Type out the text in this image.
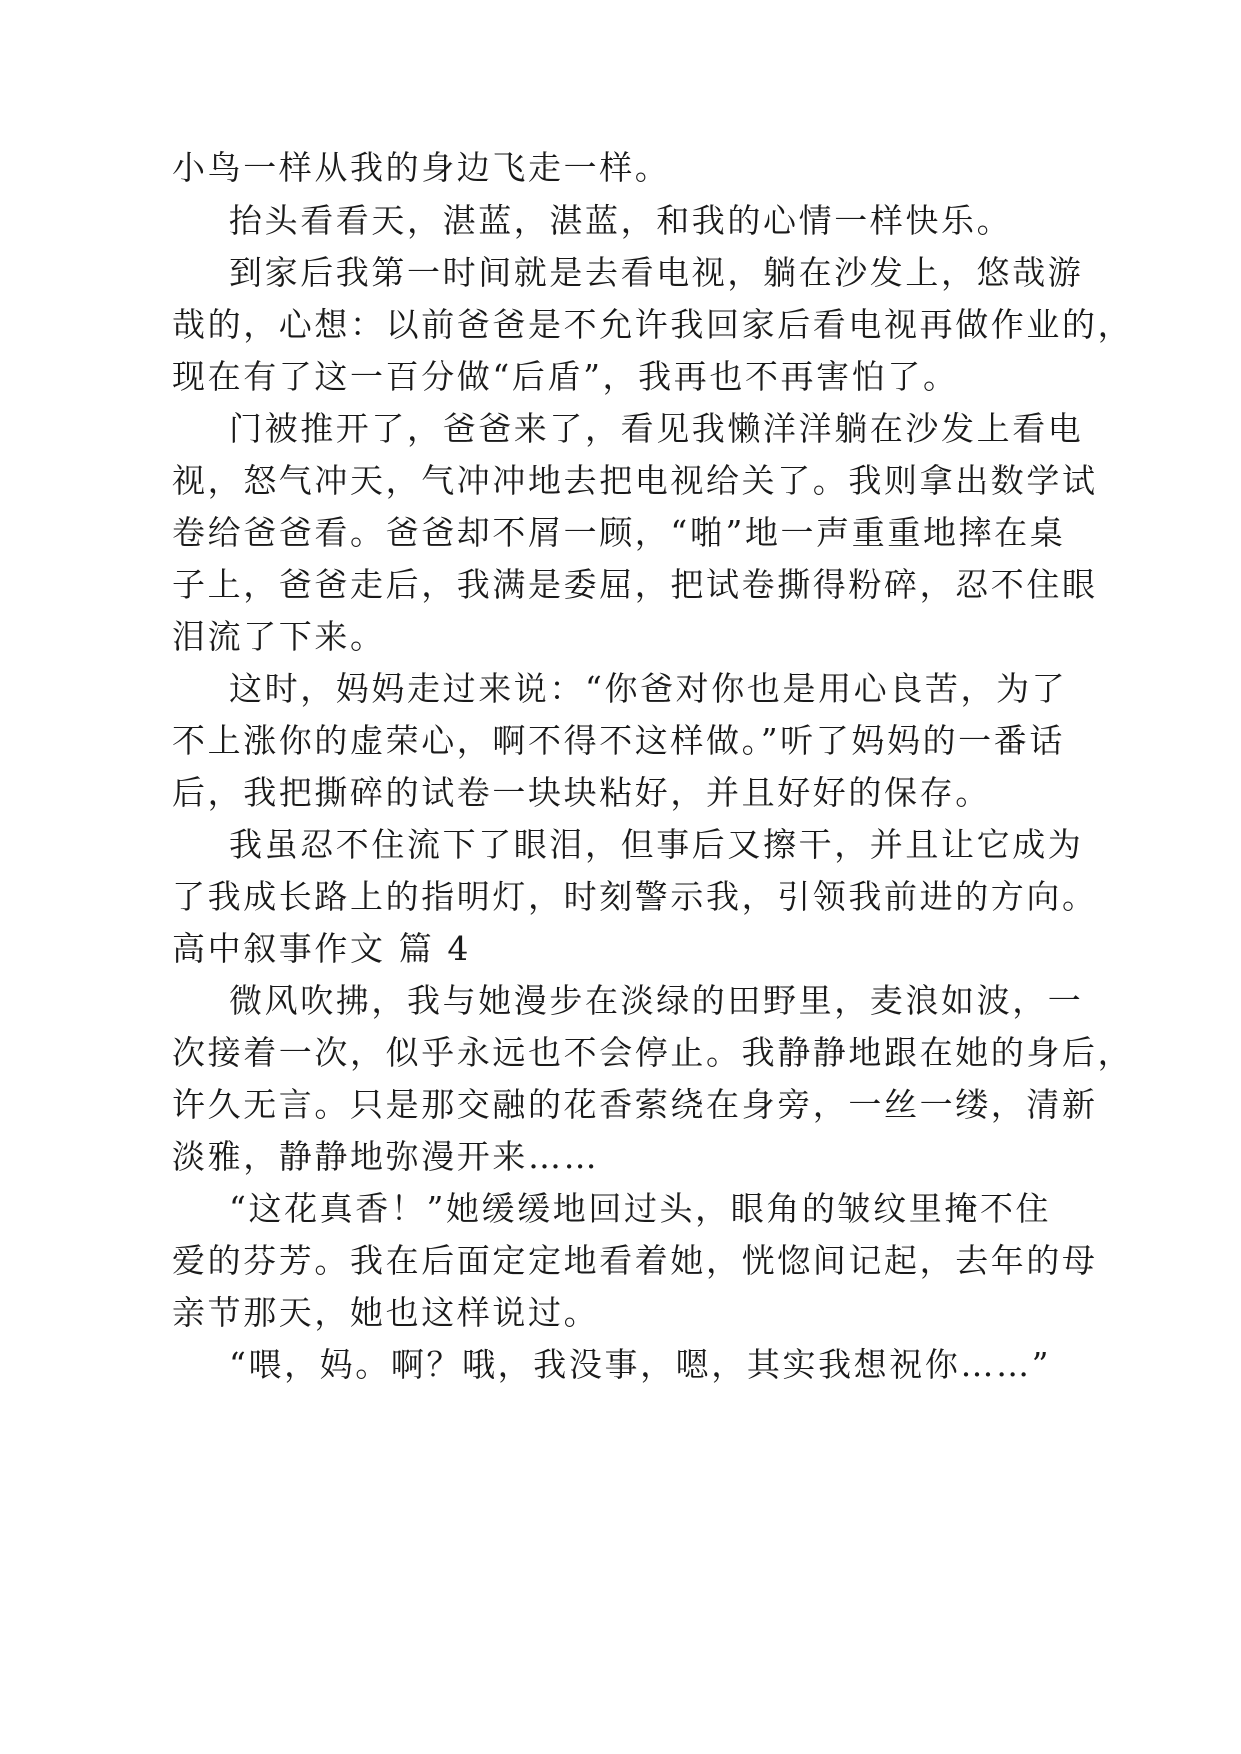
小鸟一样从我的身边飞走一样。
抬头看看天，湛蓝，湛蓝，和我的心情一样快乐。
到家后我第一时间就是去看电视，躺在沙发上，悠哉游
哉的，心想：以前爸爸是不允许我回家后看电视再做作业的，
现在有了这一百分做“后盾”，我再也不再害怕了。
门被推开了，爸爸来了，看见我懒洋洋躺在沙发上看电
视，怒气冲天，气冲冲地去把电视给关了。我则拿出数学试
卷给爸爸看。爸爸却不屑一顾，“啪”地一声重重地摔在桌
子上，爸爸走后，我满是委屈，把试卷撕得粉碎，忍不住眼
泪流了下来。
这时，妈妈走过来说：“你爸对你也是用心良苦，为了
不上涨你的虚荣心，啊不得不这样做。”听了妈妈的一番话
后，我把撕碎的试卷一块块粘好，并且好好的保存。
我虽忍不住流下了眼泪，但事后又擦干，并且让它成为
了我成长路上的指明灯，时刻警示我，引领我前进的方向。
高中叙事作文 篇 4
微风吹拂，我与她漫步在淡绿的田野里，麦浪如波，一
次接着一次，似乎永远也不会停止。我静静地跟在她的身后，
许久无言。只是那交融的花香萦绕在身旁，一丝一缕，清新
淡雅，静静地弥漫开来……
“这花真香！”她缓缓地回过头，眼角的皱纹里掩不住
爱的芬芳。我在后面定定地看着她，恍惚间记起，去年的母
亲节那天，她也这样说过。
“喂，妈。啊？哦，我没事，嗯，其实我想祝你……”
